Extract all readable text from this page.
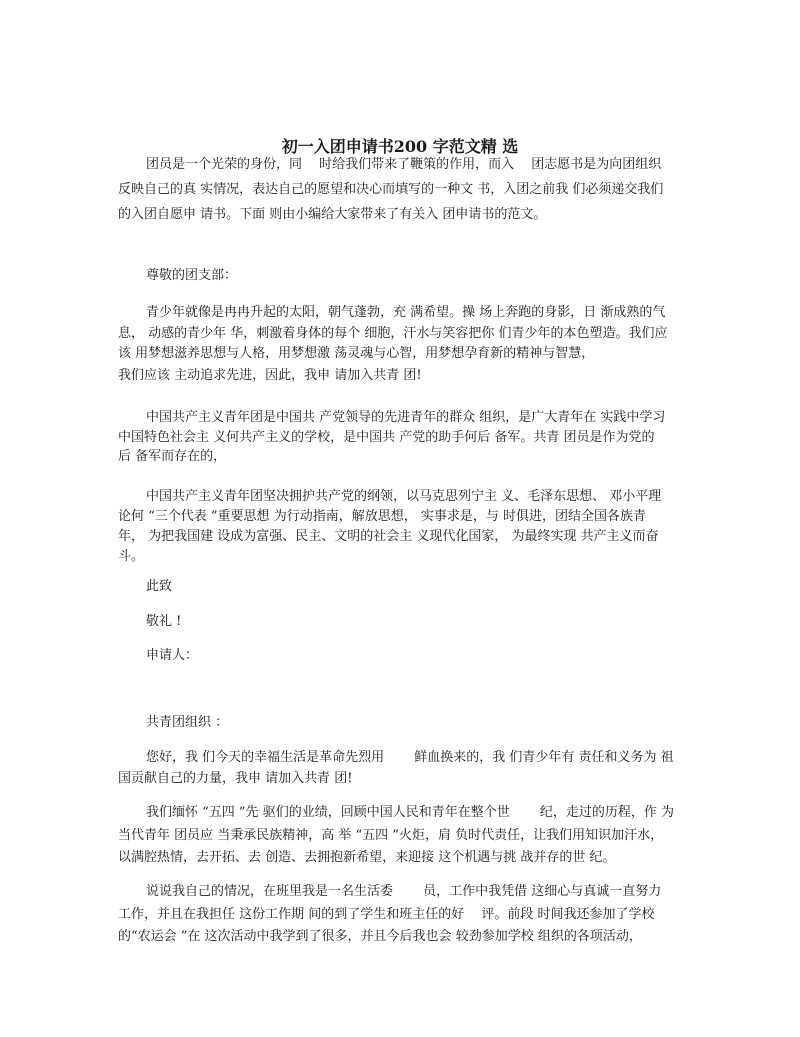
初一入团申请书200 字范文精 选

团员是一个光荣的身份，同　 时给我们带来了鞭策的作用，而入　 团志愿书是为向团组织

反映自己的真 实情况，表达自己的愿望和决心而填写的一种文 书，入团之前我 们必须递交我们

的入团自愿申 请书。下面 则由小编给大家带来了有关入 团申请书的范文。

尊敬的团支部：

青少年就像是冉冉升起的太阳，朝气蓬勃，充 满希望。操 场上奔跑的身影，日 渐成熟的气

息， 动感的青少年 华，刺激着身体的每个 细胞，汗水与笑容把你 们青少年的本色塑造。我们应

该 用梦想滋养思想与人格，用梦想激 荡灵魂与心智，用梦想孕育新的精神与智慧，

我们应该 主动追求先进，因此，我申 请加入共青 团!

中国共产主义青年团是中国共 产党领导的先进青年的群众 组织，是广大青年在 实践中学习

中国特色社会主 义何共产主义的学校，是中国共 产党的助手何后 备军。共青 团员是作为党的

后 备军而存在的，

中国共产主义青年团坚决拥护共产党的纲领，以马克思列宁主 义、毛泽东思想、 邓小平理

论何 “三个代表 ”重要思想 为行动指南，解放思想， 实事求是，与 时俱进，团结全国各族青

年， 为把我国建 设成为富强、民主、文明的社会主 义现代化国家， 为最终实现 共产主义而奋

斗。

此致

敬礼 !

申请人：

共青团组织 ：

您好，我 们今天的幸福生活是革命先烈用　　 鲜血换来的，我 们青少年有 责任和义务为 祖

国贡献自己的力量，我申 请加入共青 团!

我们缅怀 “五四 ”先 驱们的业绩，回顾中国人民和青年在整个世　　 纪，走过的历程，作 为

当代青年 团员应 当秉承民族精神，高 举 “五四 ”火炬，肩 负时代责任，让我们用知识加汗水，

以满腔热情，去开拓、去 创造、去拥抱新希望，来迎接 这个机遇与挑 战并存的世 纪。

说说我自己的情况，在班里我是一名生活委　　 员，工作中我凭借 这细心与真诚一直努力

工作，并且在我担任 这份工作期 间的到了学生和班主任的好　 评。前段 时间我还参加了学校

的“农运会 ”在 这次活动中我学到了很多，并且今后我也会 较劲参加学校 组织的各项活动，
